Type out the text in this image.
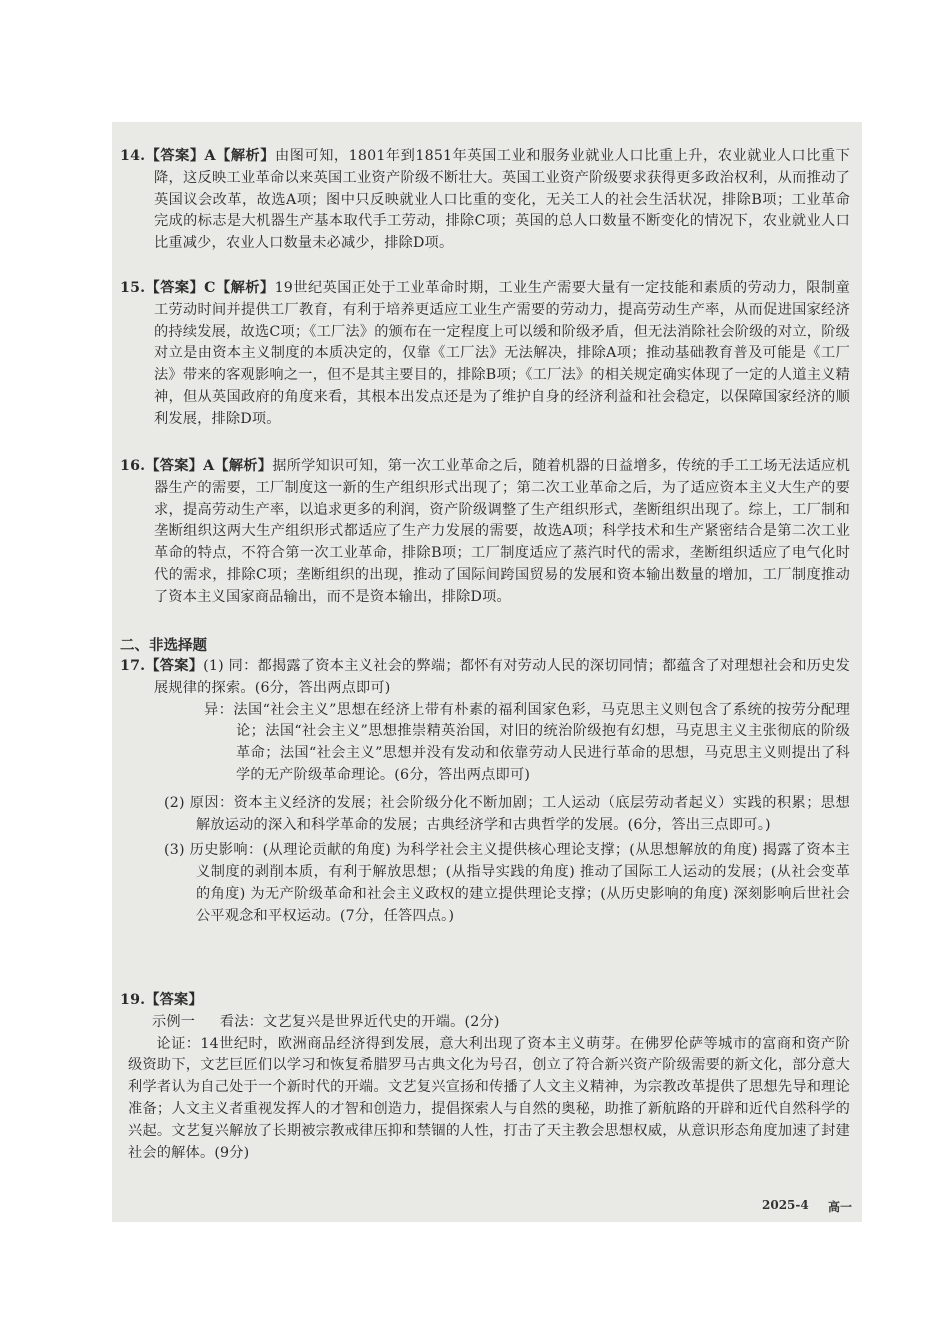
14.【答案】A【解析】由图可知，1801年到1851年英国工业和服务业就业人口比重上升，农业就业人口比重下降，这反映工业革命以来英国工业资产阶级不断壮大。英国工业资产阶级要求获得更多政治权利，从而推动了英国议会改革，故选A项；图中只反映就业人口比重的变化，无关工人的社会生活状况，排除B项；工业革命完成的标志是大机器生产基本取代手工劳动，排除C项；英国的总人口数量不断变化的情况下，农业就业人口比重减少，农业人口数量未必减少，排除D项。
15.【答案】C【解析】19世纪英国正处于工业革命时期，工业生产需要大量有一定技能和素质的劳动力，限制童工劳动时间并提供工厂教育，有利于培养更适应工业生产需要的劳动力，提高劳动生产率，从而促进国家经济的持续发展，故选C项；《工厂法》的颁布在一定程度上可以缓和阶级矛盾，但无法消除社会阶级的对立，阶级对立是由资本主义制度的本质决定的，仅靠《工厂法》无法解决，排除A项；推动基础教育普及可能是《工厂法》带来的客观影响之一，但不是其主要目的，排除B项；《工厂法》的相关规定确实体现了一定的人道主义精神，但从英国政府的角度来看，其根本出发点还是为了维护自身的经济利益和社会稳定，以保障国家经济的顺利发展，排除D项。
16.【答案】A【解析】据所学知识可知，第一次工业革命之后，随着机器的日益增多，传统的手工工场无法适应机器生产的需要，工厂制度这一新的生产组织形式出现了；第二次工业革命之后，为了适应资本主义大生产的要求，提高劳动生产率，以追求更多的利润，资产阶级调整了生产组织形式，垄断组织出现了。综上，工厂制和垄断组织这两大生产组织形式都适应了生产力发展的需要，故选A项；科学技术和生产紧密结合是第二次工业革命的特点，不符合第一次工业革命，排除B项；工厂制度适应了蒸汽时代的需求，垄断组织适应了电气化时代的需求，排除C项；垄断组织的出现，推动了国际间跨国贸易的发展和资本输出数量的增加，工厂制度推动了资本主义国家商品输出，而不是资本输出，排除D项。
二、非选择题
17.【答案】(1) 同：都揭露了资本主义社会的弊端；都怀有对劳动人民的深切同情；都蕴含了对理想社会和历史发展规律的探索。(6分，答出两点即可)
异：法国“社会主义”思想在经济上带有朴素的福利国家色彩，马克思主义则包含了系统的按劳分配理论；法国“社会主义”思想推崇精英治国，对旧的统治阶级抱有幻想，马克思主义主张彻底的阶级革命；法国“社会主义”思想并没有发动和依靠劳动人民进行革命的思想，马克思主义则提出了科学的无产阶级革命理论。(6分，答出两点即可)
(2) 原因：资本主义经济的发展；社会阶级分化不断加剧；工人运动（底层劳动者起义）实践的积累；思想解放运动的深入和科学革命的发展；古典经济学和古典哲学的发展。(6分，答出三点即可。)
(3) 历史影响：(从理论贡献的角度) 为科学社会主义提供核心理论支撑；(从思想解放的角度) 揭露了资本主义制度的剥削本质，有利于解放思想；(从指导实践的角度) 推动了国际工人运动的发展；(从社会变革的角度) 为无产阶级革命和社会主义政权的建立提供理论支撑；(从历史影响的角度) 深刻影响后世社会公平观念和平权运动。(7分，任答四点。)
19.【答案】
示例一 看法：文艺复兴是世界近代史的开端。(2分)
论证：14世纪时，欧洲商品经济得到发展，意大利出现了资本主义萌芽。在佛罗伦萨等城市的富商和资产阶级资助下，文艺巨匠们以学习和恢复希腊罗马古典文化为号召，创立了符合新兴资产阶级需要的新文化，部分意大利学者认为自己处于一个新时代的开端。文艺复兴宣扬和传播了人文主义精神，为宗教改革提供了思想先导和理论准备；人文主义者重视发挥人的才智和创造力，提倡探索人与自然的奥秘，助推了新航路的开辟和近代自然科学的兴起。文艺复兴解放了长期被宗教戒律压抑和禁锢的人性，打击了天主教会思想权威，从意识形态角度加速了封建社会的解体。(9分)
2025-4 高一
